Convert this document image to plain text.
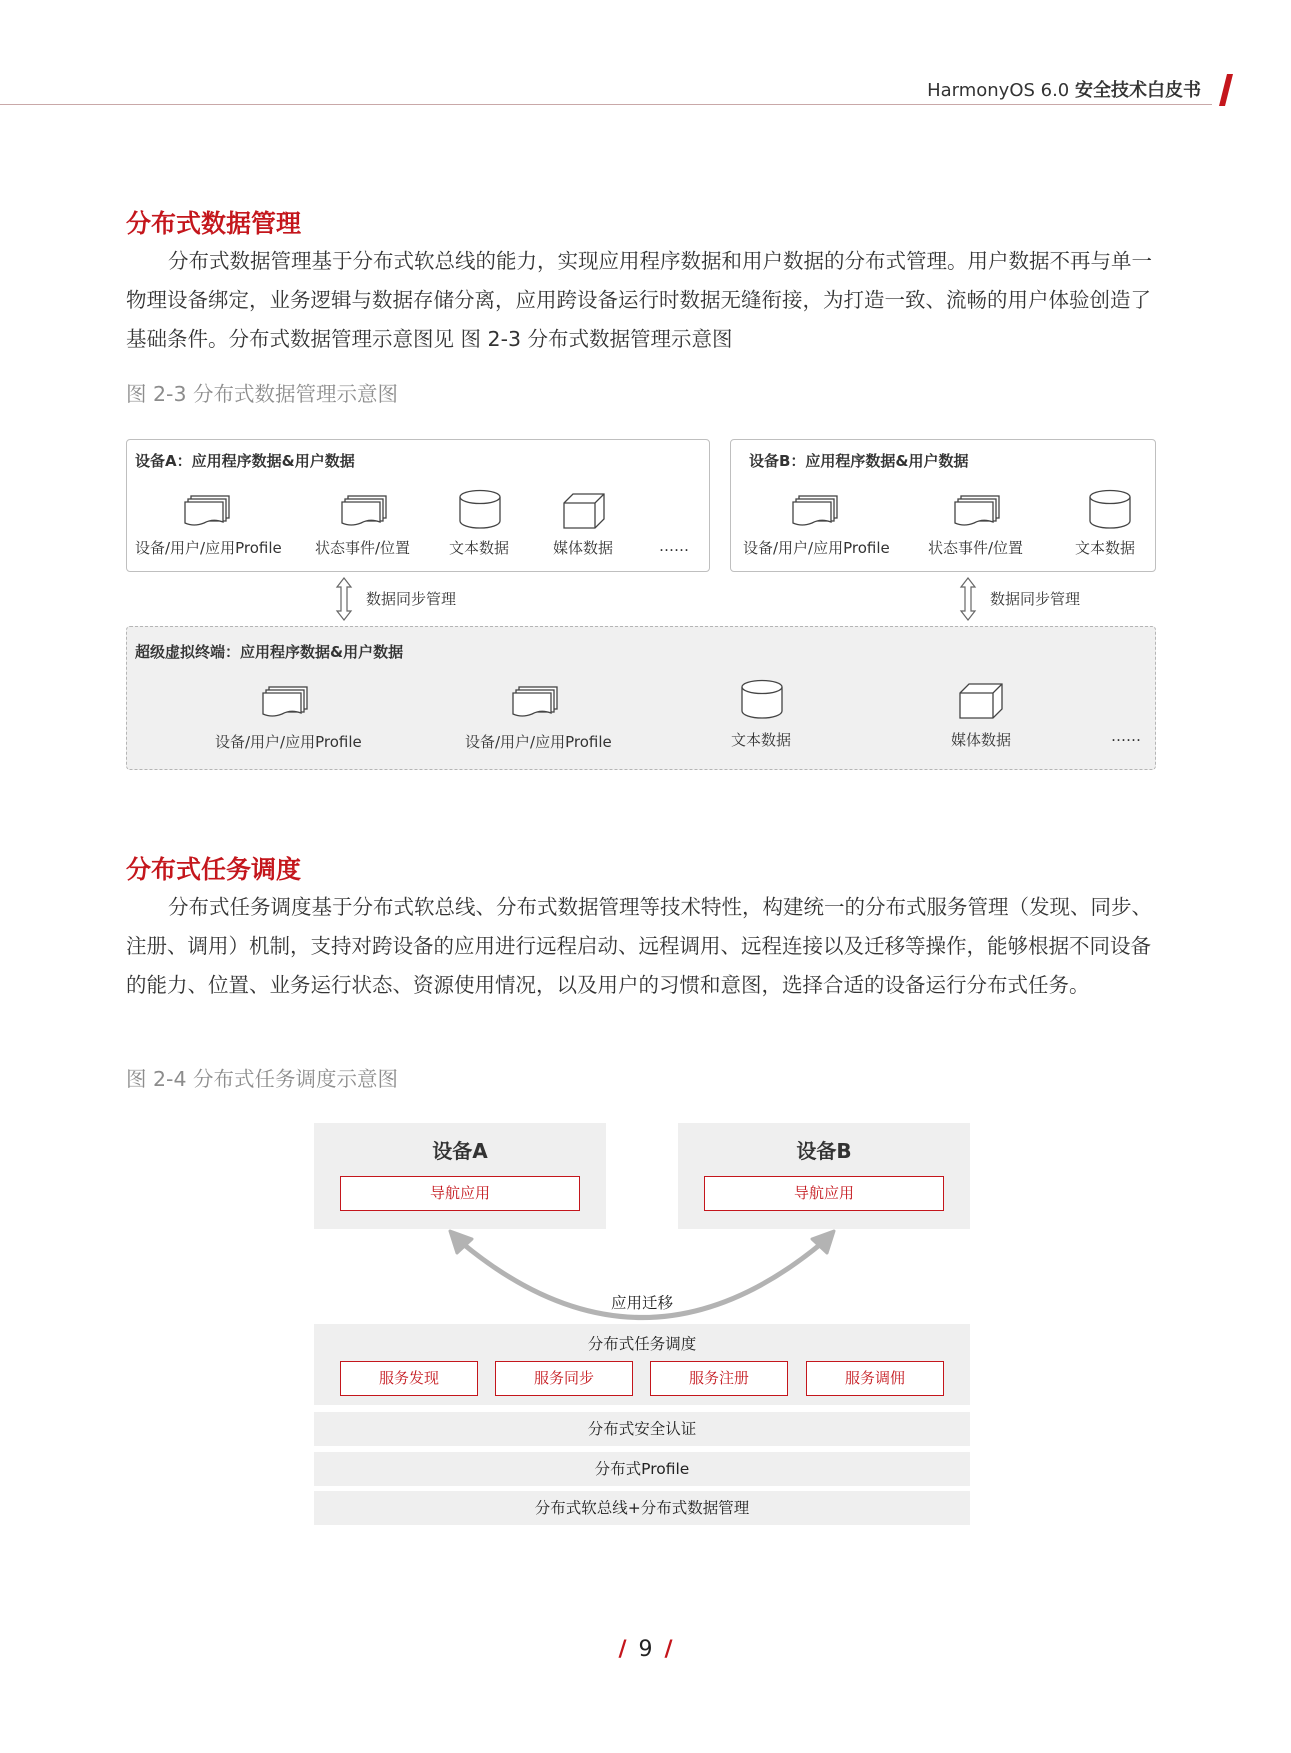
HarmonyOS 6.0 安全技术白皮书
分布式数据管理
分布式数据管理基于分布式软总线的能力，实现应用程序数据和用户数据的分布式管理。用户数据不再与单一物理设备绑定，业务逻辑与数据存储分离，应用跨设备运行时数据无缝衔接，为打造一致、流畅的用户体验创造了基础条件。分布式数据管理示意图见 图 2-3 分布式数据管理示意图
图 2-3 分布式数据管理示意图
设备A：应用程序数据&用户数据
设备/用户/应用Profile 状态事件/位置	文本数据	媒体数据	……
设备B：应用程序数据&用户数据
设备/用户/应用Profile	状态事件/位置	文本数据
数据同步管理	数据同步管理
超级虚拟终端：应用程序数据&用户数据
设备/用户/应用Profile	设备/用户/应用Profile	文本数据	媒体数据	……
分布式任务调度
分布式任务调度基于分布式软总线、分布式数据管理等技术特性，构建统一的分布式服务管理（发现、同步、注册、调用）机制，支持对跨设备的应用进行远程启动、远程调用、远程连接以及迁移等操作，能够根据不同设备的能力、位置、业务运行状态、资源使用情况，以及用户的习惯和意图，选择合适的设备运行分布式任务。
图 2-4 分布式任务调度示意图
设备A
导航应用
设备B
导航应用
应用迁移
分布式任务调度
服务发现	服务同步	服务注册	服务调佣
分布式安全认证
分布式Profile
分布式软总线+分布式数据管理
/ 9 /
